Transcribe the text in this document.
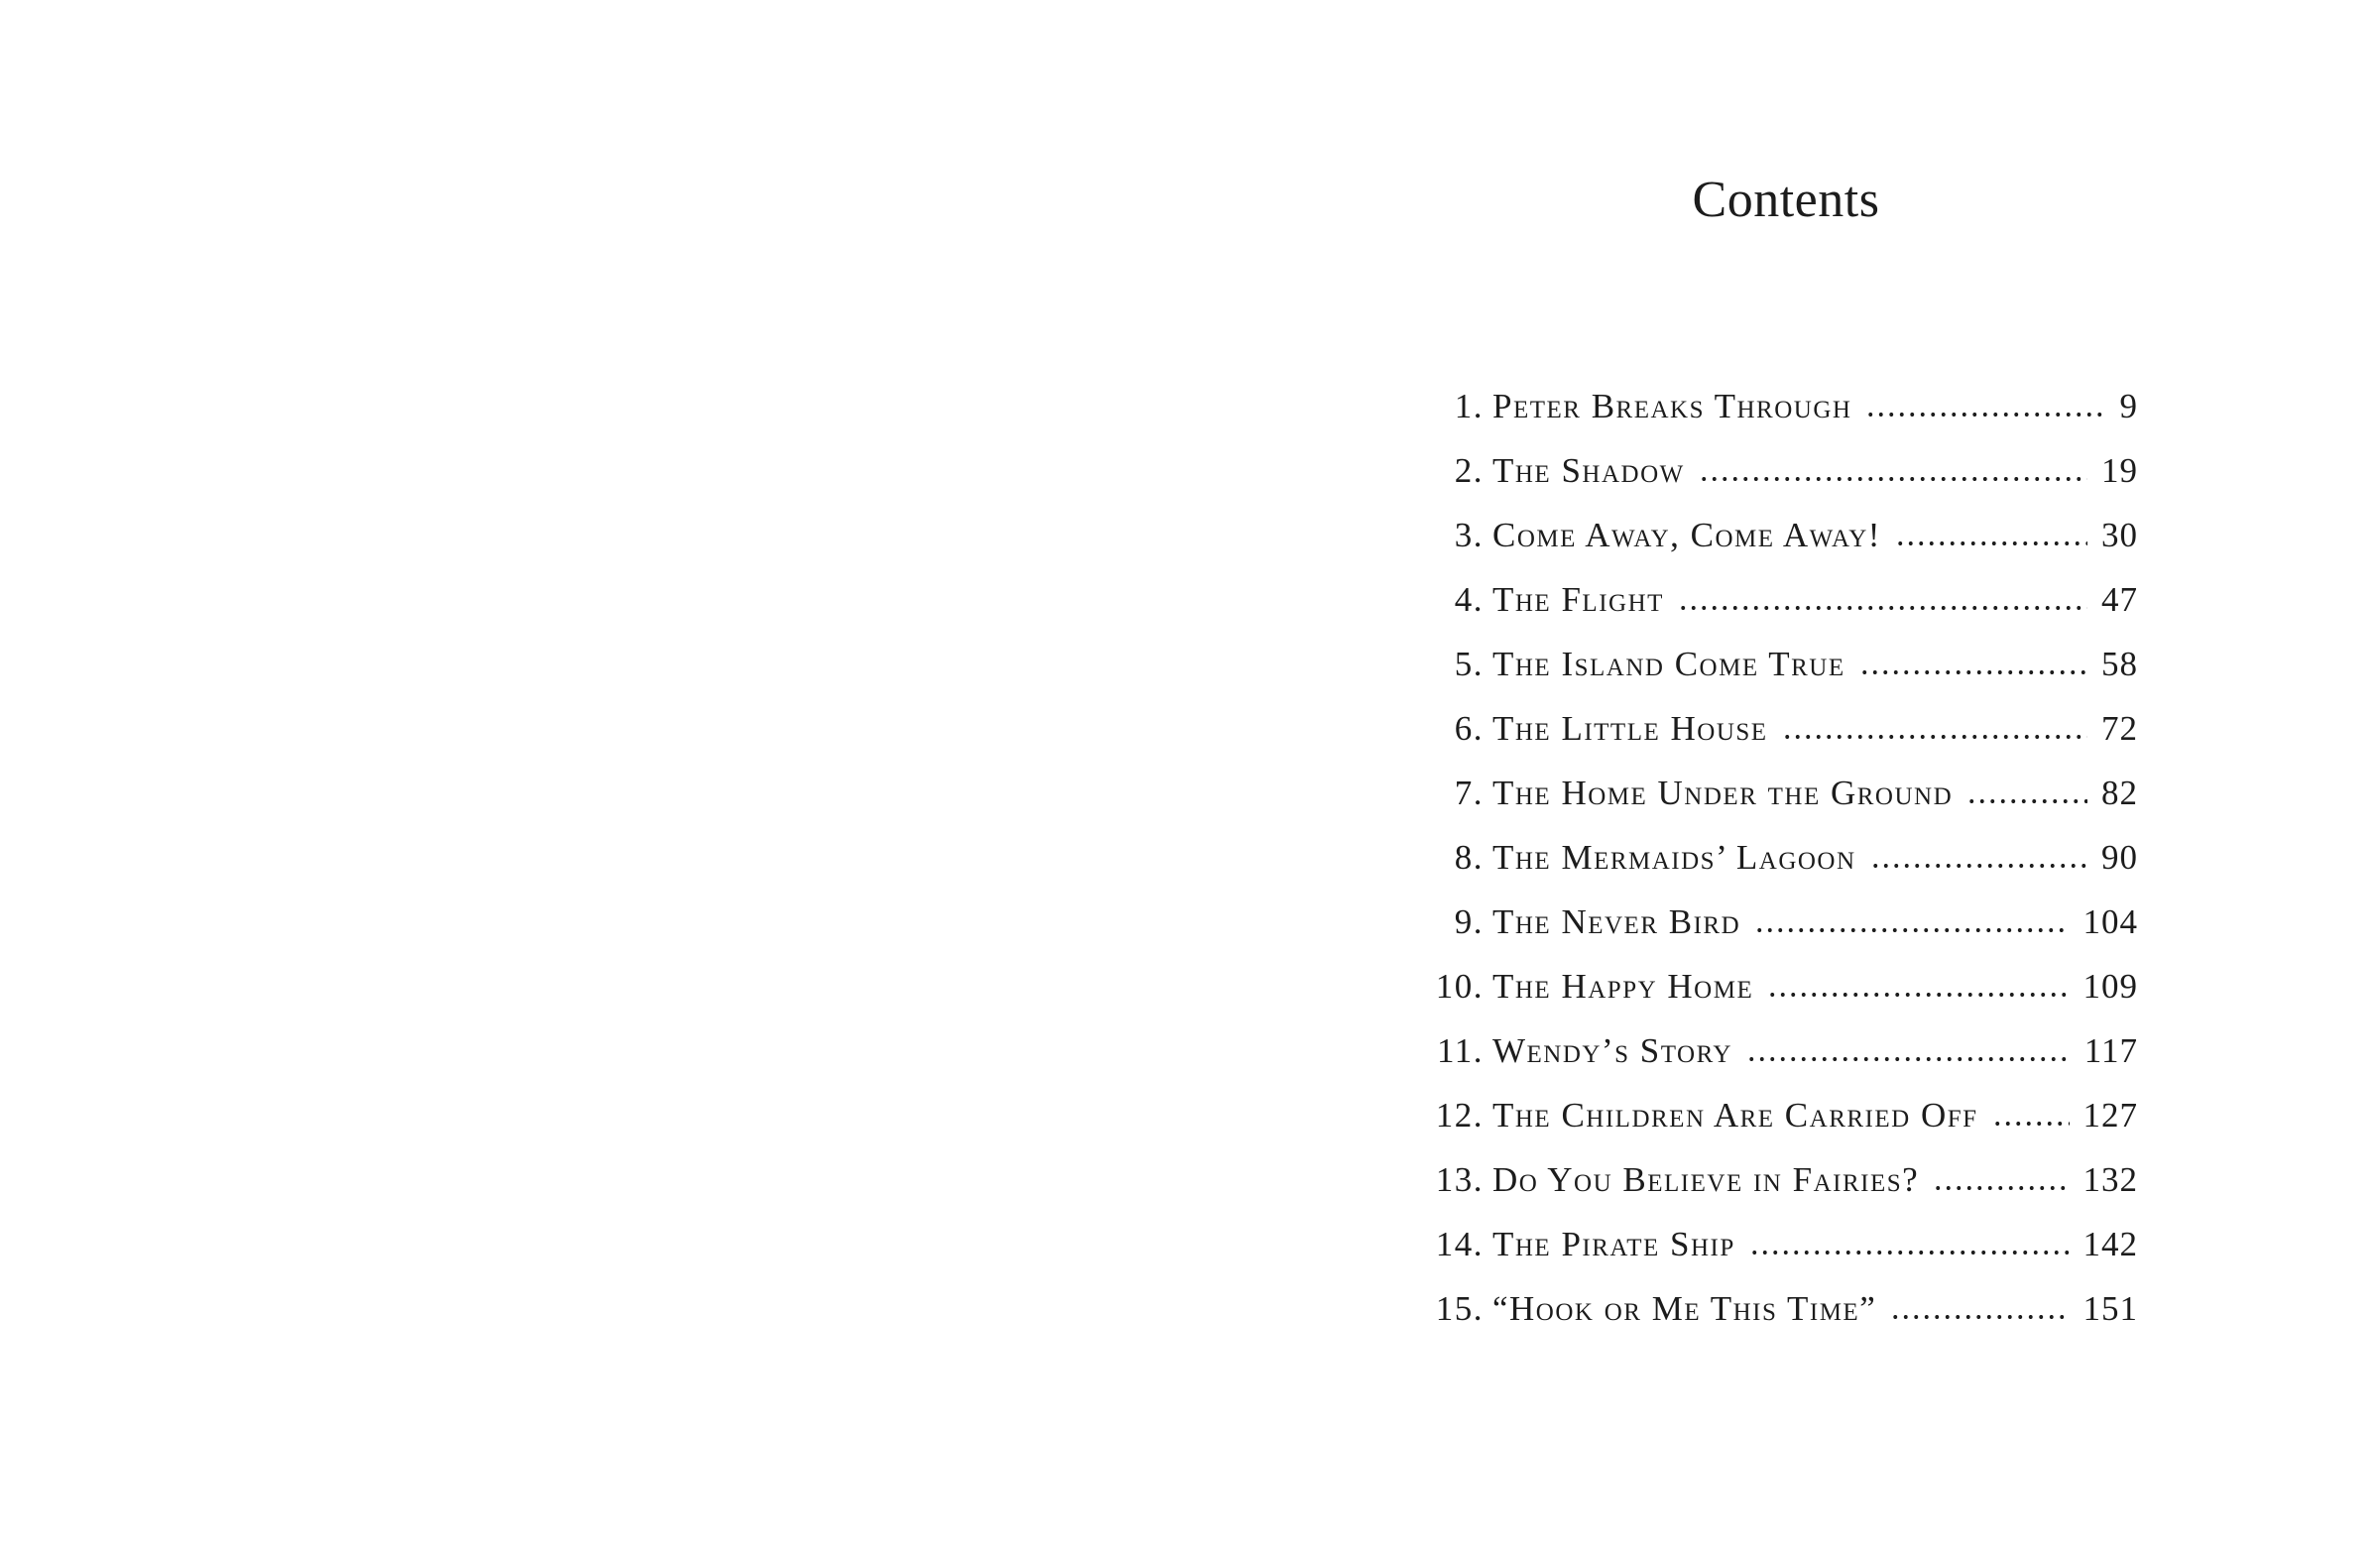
Contents
1. Peter Breaks Through	9
2. The Shadow	19
3. Come Away, Come Away!	30
4. The Flight	47
5. The Island Come True	58
6. The Little House	72
7. The Home Under the Ground	82
8. The Mermaids’ Lagoon	90
9. The Never Bird	104
10. The Happy Home	109
11. Wendy’s Story	117
12. The Children Are Carried Off	127
13. Do You Believe in Fairies?	132
14. The Pirate Ship	142
15. “Hook or Me This Time”	151
